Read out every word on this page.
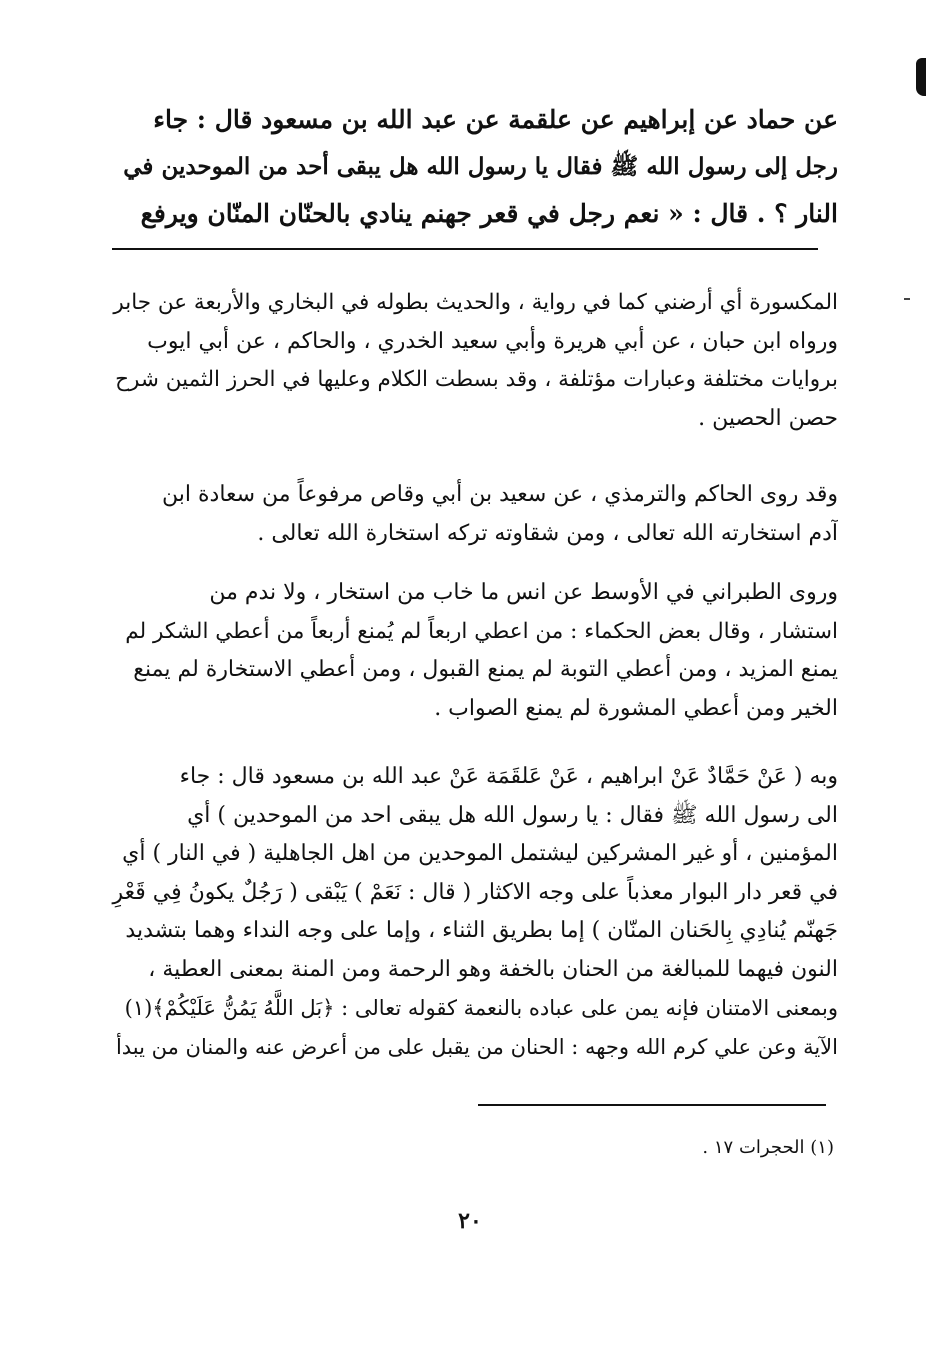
عن حماد عن إبراهيم عن علقمة عن عبد الله بن مسعود قال : جاء
رجل إلى رسول الله ﷺ فقال يا رسول الله هل يبقى أحد من الموحدين في
النار ؟ . قال : « نعم رجل في قعر جهنم ينادي بالحنّان المنّان ويرفع
المكسورة أي أرضني كما في رواية ، والحديث بطوله في البخاري والأربعة عن جابر
ورواه ابن حبان ، عن أبي هريرة وأبي سعيد الخدري ، والحاكم ، عن أبي ايوب
بروايات مختلفة وعبارات مؤتلفة ، وقد بسطت الكلام وعليها في الحرز الثمين شرح
حصن الحصين .
وقد روى الحاكم والترمذي ، عن سعيد بن أبي وقاص مرفوعاً من سعادة ابن
آدم استخارته الله تعالى ، ومن شقاوته تركه استخارة الله تعالى .
وروى الطبراني في الأوسط عن انس ما خاب من استخار ، ولا ندم من
استشار ، وقال بعض الحكماء : من اعطي اربعاً لم يُمنع أربعاً من أعطي الشكر لم
يمنع المزيد ، ومن أعطي التوبة لم يمنع القبول ، ومن أعطي الاستخارة لم يمنع
الخير ومن أعطي المشورة لم يمنع الصواب .
وبه ( عَنْ حَمَّادٌ عَنْ ابراهيم ، عَنْ عَلقَمَة عَنْ عبد الله بن مسعود قال : جاء
الى رسول الله ﷺ فقال : يا رسول الله هل يبقى احد من الموحدين ) أي
المؤمنين ، أو غير المشركين ليشتمل الموحدين من اهل الجاهلية ( في النار ) أي
في قعر دار البوار معذباً على وجه الاكثار ( قال : نَعَمْ ) يَبْقى ( رَجُلٌ يكونُ فِي قَعْرِ
جَهنّم يُنادِي بِالحَنان المنّان ) إما بطريق الثناء ، وإما على وجه النداء وهما بتشديد
النون فيهما للمبالغة من الحنان بالخفة وهو الرحمة ومن المنة بمعنى العطية ،
وبمعنى الامتنان فإنه يمن على عباده بالنعمة كقوله تعالى : ﴿بَل اللَّهُ يَمُنُّ عَلَيْكُمْ﴾(١)
الآية وعن علي كرم الله وجهه : الحنان من يقبل على من أعرض عنه والمنان من يبدأ
(١) الحجرات ١٧ .
٢٠
